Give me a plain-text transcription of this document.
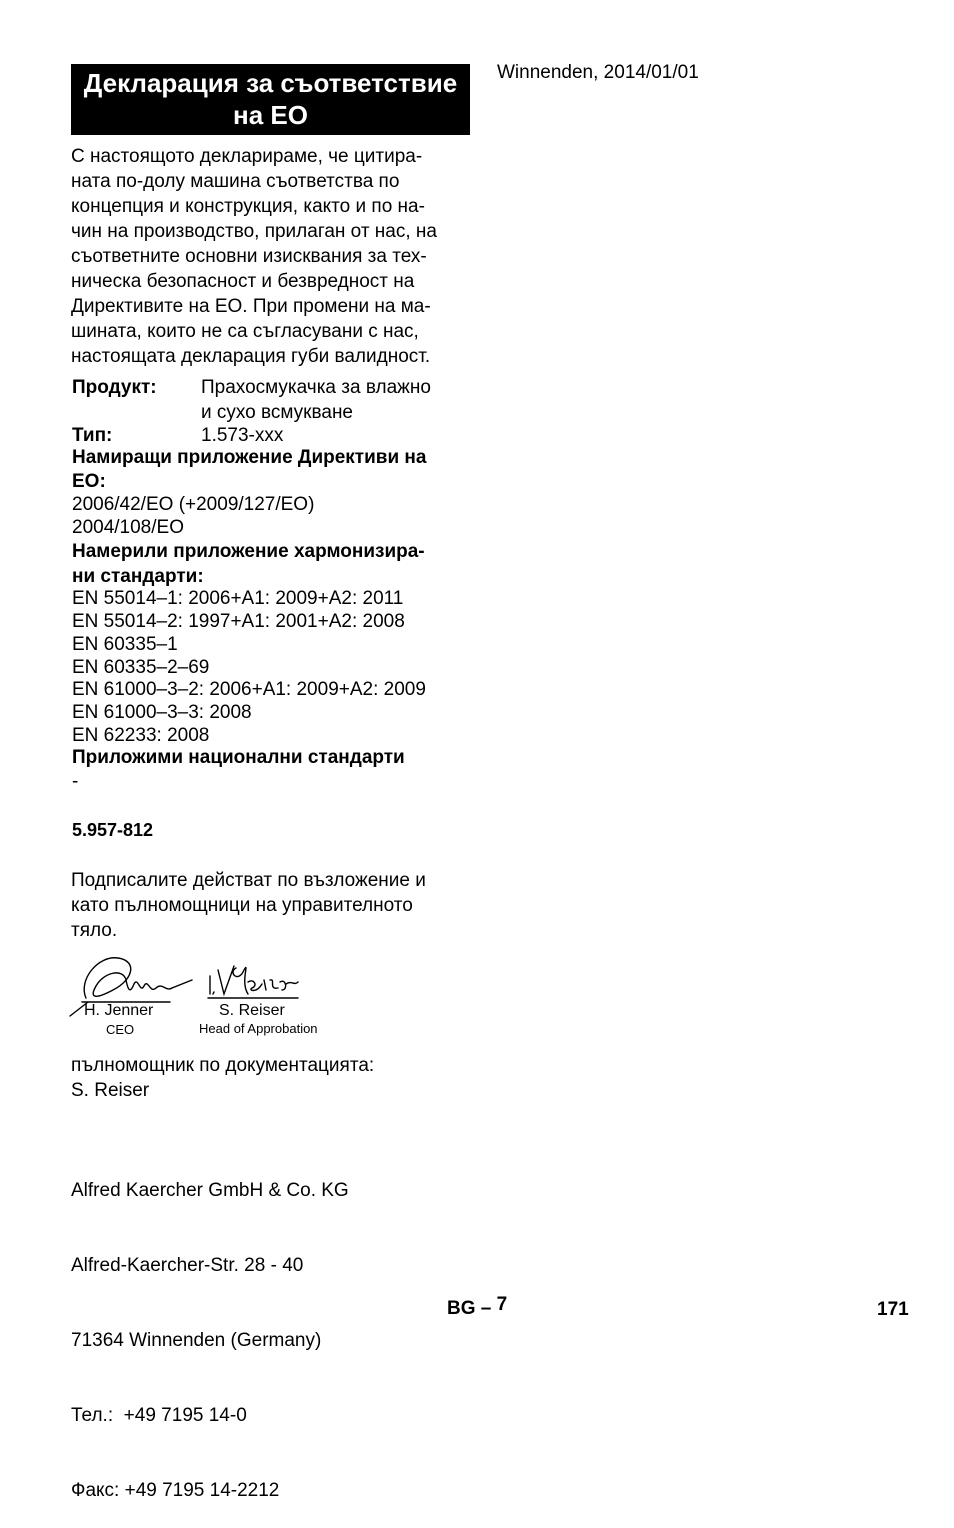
Winnenden, 2014/01/01
Декларация за съответствие
на ЕО
С настоящото декларираме, че цитира-
ната по-долу машина съответства по
концепция и конструкция, както и по на-
чин на производство, прилаган от нас, на
съответните основни изисквания за тех-
ническа безопасност и безвредност на
Директивите на ЕО. При промени на ма-
шината, които не са съгласувани с нас,
настоящата декларация губи валидност.
Продукт: Прахосмукачка за влажно
и сухо всмукване
Тип:	1.573-xxx
Намиращи приложение Директиви на
ЕО:
2006/42/EO (+2009/127/EO)
2004/108/EO
Намерили приложение хармонизира-
ни стандарти:
EN 55014–1: 2006+A1: 2009+A2: 2011
EN 55014–2: 1997+A1: 2001+A2: 2008
EN 60335–1
EN 60335–2–69
EN 61000–3–2: 2006+A1: 2009+A2: 2009
EN 61000–3–3: 2008
EN 62233: 2008
Приложими национални стандарти
-
5.957-812
Подписалите действат по възложение и
като пълномощници на управителното
тяло.
H. Jenner
CEO
S. Reiser
Head of Approbation
пълномощник по документацията:
S. Reiser

Alfred Kaercher GmbH & Co. KG

Alfred-Kaercher-Str. 28 - 40

71364 Winnenden (Germany)

Тел.:  +49 7195 14-0

Факс: +49 7195 14-2212

BG – 7	171
